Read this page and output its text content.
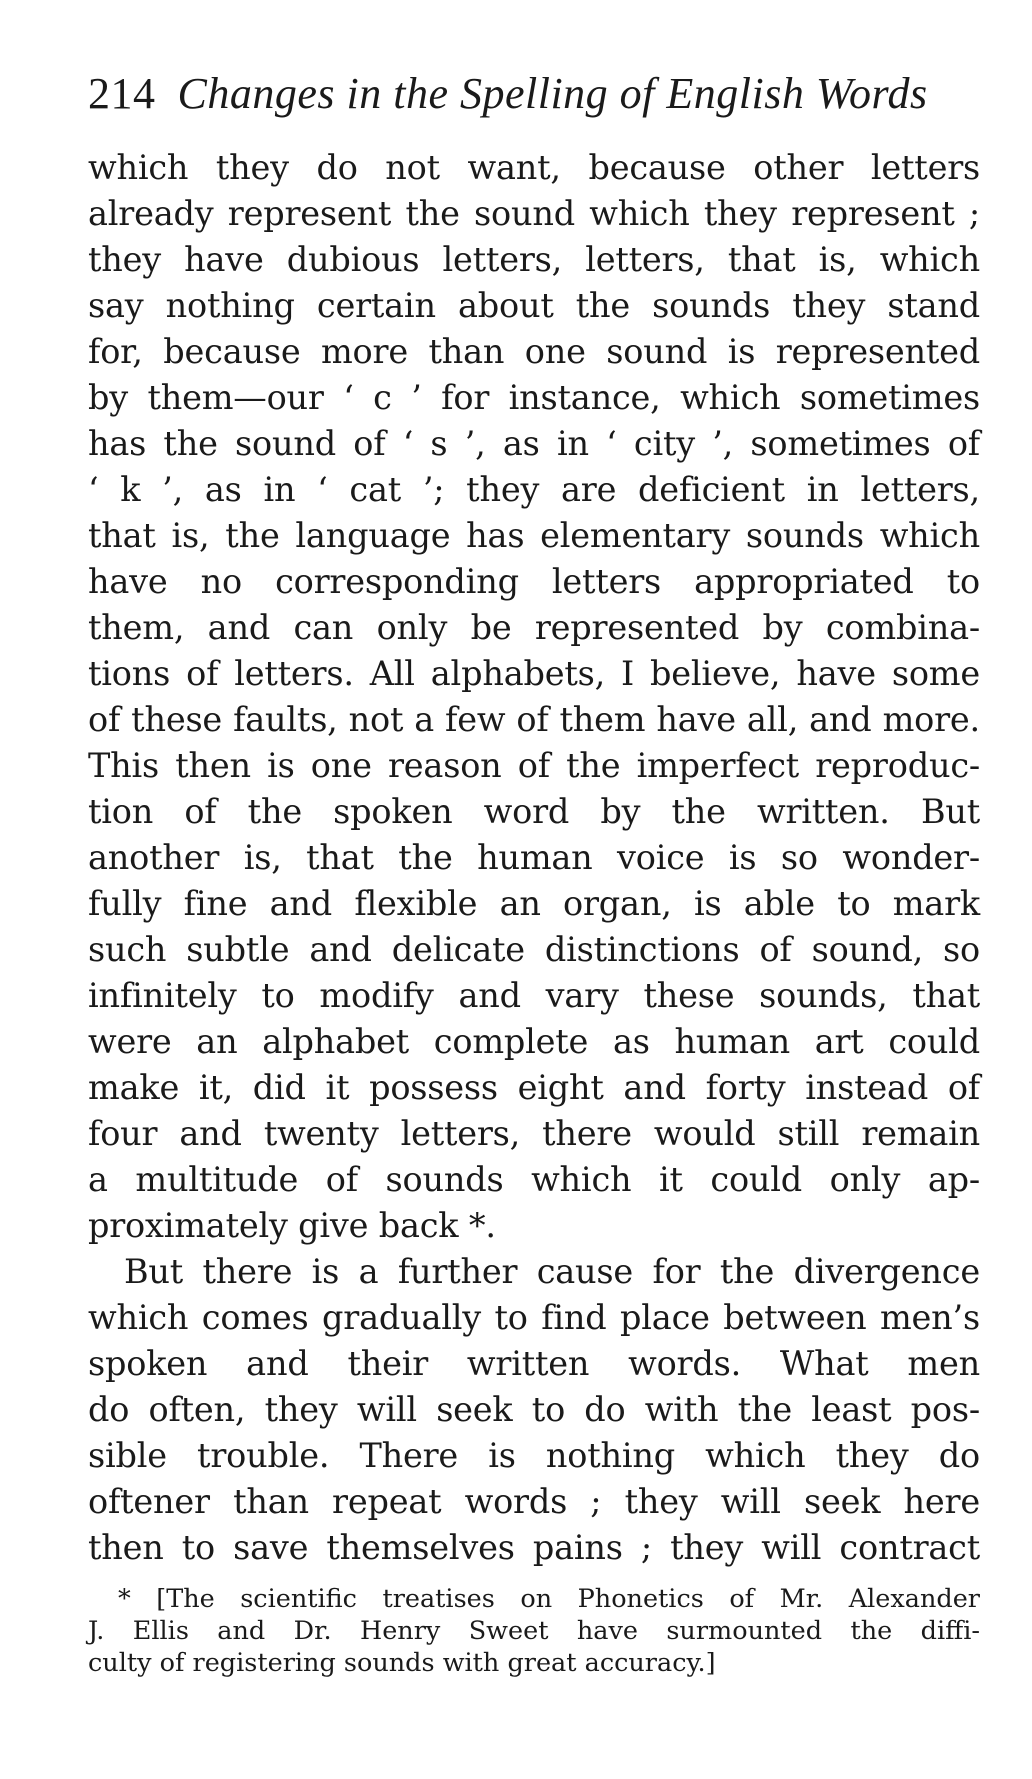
214 Changes in the Spelling of English Words
which they do not want, because other letters
already represent the sound which they represent ;
they have dubious letters, letters, that is, which
say nothing certain about the sounds they stand
for, because more than one sound is represented
by them—our ‘ c ’ for instance, which sometimes
has the sound of ‘ s ’, as in ‘ city ’, sometimes of
‘ k ’, as in ‘ cat ’; they are deficient in letters,
that is, the language has elementary sounds which
have no corresponding letters appropriated to
them, and can only be represented by combina-
tions of letters. All alphabets, I believe, have some
of these faults, not a few of them have all, and more.
This then is one reason of the imperfect reproduc-
tion of the spoken word by the written. But
another is, that the human voice is so wonder-
fully fine and flexible an organ, is able to mark
such subtle and delicate distinctions of sound, so
infinitely to modify and vary these sounds, that
were an alphabet complete as human art could
make it, did it possess eight and forty instead of
four and twenty letters, there would still remain
a multitude of sounds which it could only ap-
proximately give back *.
But there is a further cause for the divergence
which comes gradually to find place between men’s
spoken and their written words. What men
do often, they will seek to do with the least pos-
sible trouble. There is nothing which they do
oftener than repeat words ; they will seek here
then to save themselves pains ; they will contract
* [The scientific treatises on Phonetics of Mr. Alexander
J. Ellis and Dr. Henry Sweet have surmounted the diffi-
culty of registering sounds with great accuracy.]
